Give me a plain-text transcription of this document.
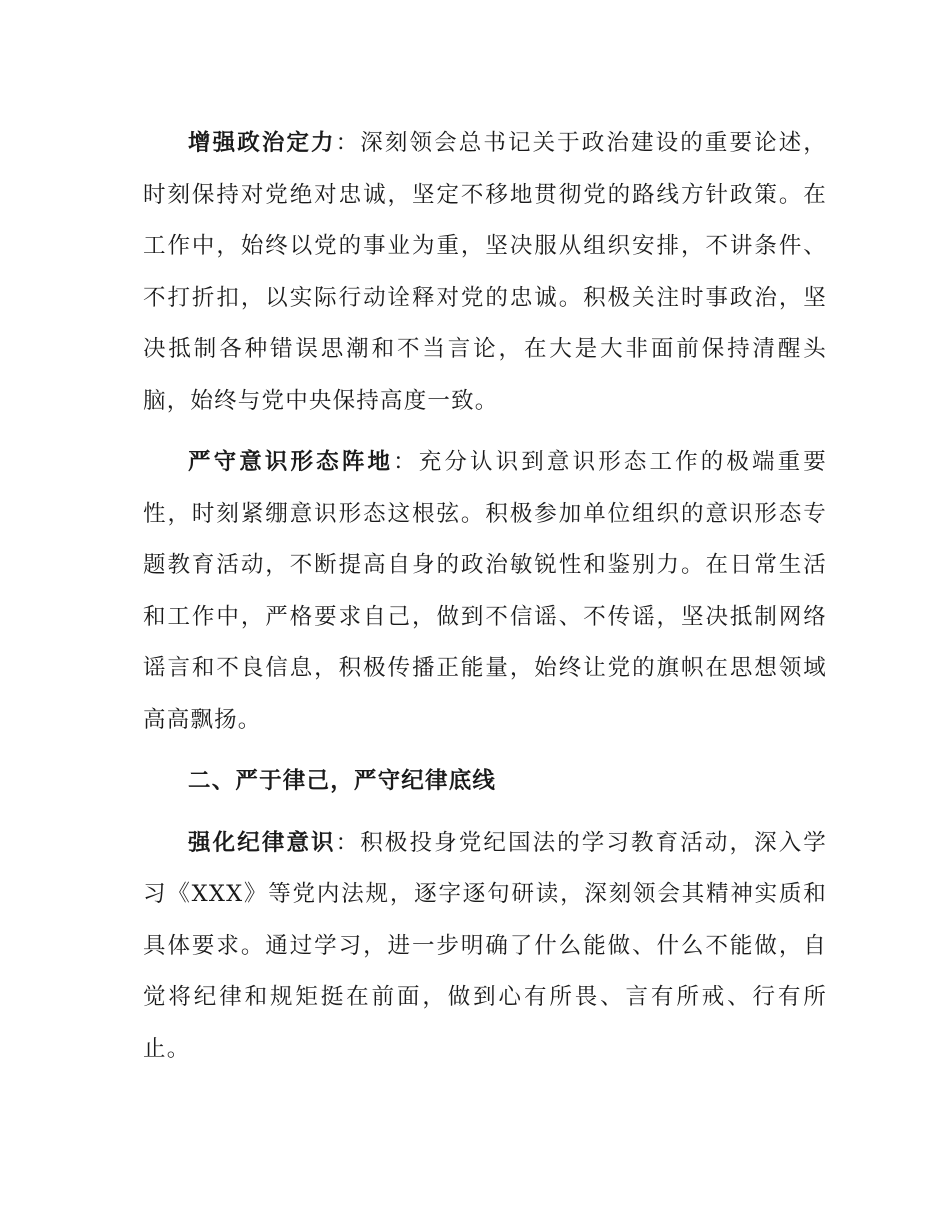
增强政治定力：深刻领会总书记关于政治建设的重要论述，时刻保持对党绝对忠诚，坚定不移地贯彻党的路线方针政策。在工作中，始终以党的事业为重，坚决服从组织安排，不讲条件、不打折扣，以实际行动诠释对党的忠诚。积极关注时事政治，坚决抵制各种错误思潮和不当言论，在大是大非面前保持清醒头脑，始终与党中央保持高度一致。

严守意识形态阵地：充分认识到意识形态工作的极端重要性，时刻紧绷意识形态这根弦。积极参加单位组织的意识形态专题教育活动，不断提高自身的政治敏锐性和鉴别力。在日常生活和工作中，严格要求自己，做到不信谣、不传谣，坚决抵制网络谣言和不良信息，积极传播正能量，始终让党的旗帜在思想领域高高飘扬。

二、严于律己，严守纪律底线

强化纪律意识：积极投身党纪国法的学习教育活动，深入学习《XXX》等党内法规，逐字逐句研读，深刻领会其精神实质和具体要求。通过学习，进一步明确了什么能做、什么不能做，自觉将纪律和规矩挺在前面，做到心有所畏、言有所戒、行有所止。
